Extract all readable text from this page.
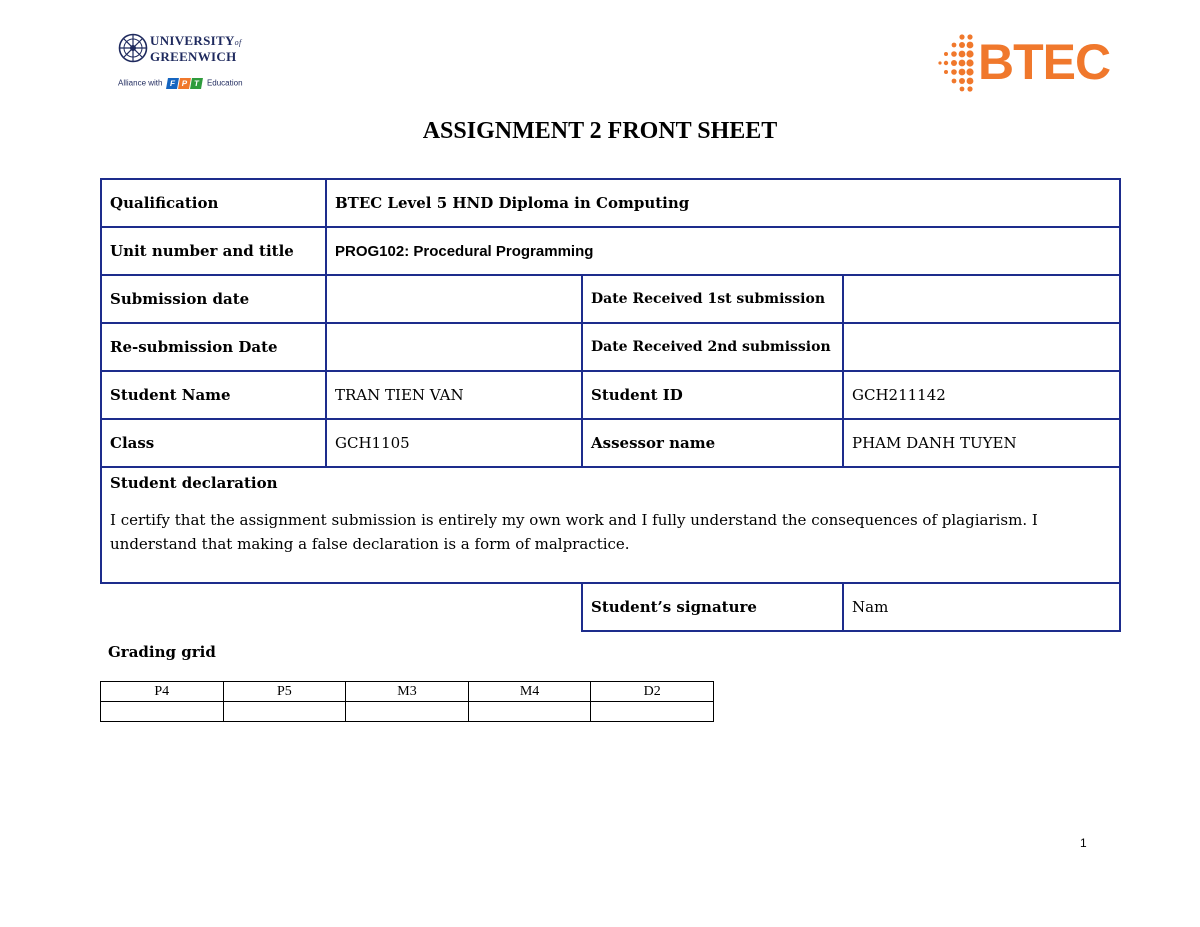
UNIVERSITYof
GREENWICH
Alliance with F P T Education	BTEC
ASSIGNMENT 2 FRONT SHEET
Qualification	BTEC Level 5 HND Diploma in Computing		
Unit number and title	PROG102: Procedural Programming		
Submission date		Date Received 1st submission	
Re-submission Date		Date Received 2nd submission	
Student Name	TRAN TIEN VAN	Student ID	GCH211142
Class	GCH1105	Assessor name	PHAM DANH TUYEN

Student declaration
I certify that the assignment submission is entirely my own work and I fully understand the consequences of plagiarism. I understand that making a false declaration is a form of malpractice.			

		Student’s signature	Nam
Grading grid
P4	P5	M3	M4	D2

1
